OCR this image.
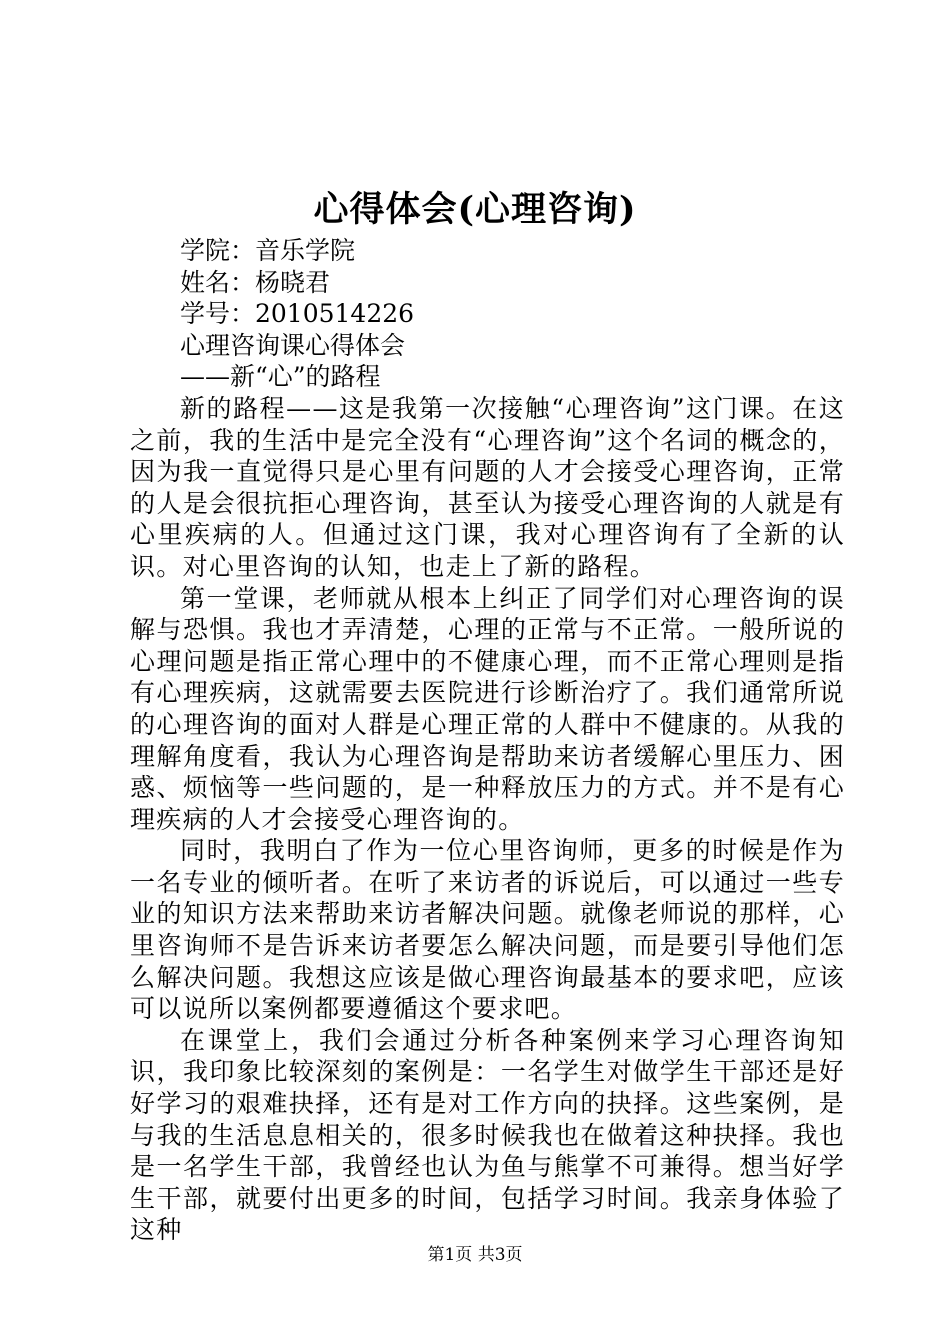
心得体会(心理咨询)

学院：音乐学院

姓名：杨晓君

学号：2010514226

心理咨询课心得体会

——新“心”的路程

新的路程——这是我第一次接触“心理咨询”这门课。在这之前，我的生活中是完全没有“心理咨询”这个名词的概念的，因为我一直觉得只是心里有问题的人才会接受心理咨询，正常的人是会很抗拒心理咨询，甚至认为接受心理咨询的人就是有心里疾病的人。但通过这门课，我对心理咨询有了全新的认识。对心里咨询的认知，也走上了新的路程。

第一堂课，老师就从根本上纠正了同学们对心理咨询的误解与恐惧。我也才弄清楚，心理的正常与不正常。一般所说的心理问题是指正常心理中的不健康心理，而不正常心理则是指有心理疾病，这就需要去医院进行诊断治疗了。我们通常所说的心理咨询的面对人群是心理正常的人群中不健康的。从我的理解角度看，我认为心理咨询是帮助来访者缓解心里压力、困惑、烦恼等一些问题的，是一种释放压力的方式。并不是有心理疾病的人才会接受心理咨询的。

同时，我明白了作为一位心里咨询师，更多的时候是作为一名专业的倾听者。在听了来访者的诉说后，可以通过一些专业的知识方法来帮助来访者解决问题。就像老师说的那样，心里咨询师不是告诉来访者要怎么解决问题，而是要引导他们怎么解决问题。我想这应该是做心理咨询最基本的要求吧，应该可以说所以案例都要遵循这个要求吧。

在课堂上，我们会通过分析各种案例来学习心理咨询知识，我印象比较深刻的案例是：一名学生对做学生干部还是好好学习的艰难抉择，还有是对工作方向的抉择。这些案例，是与我的生活息息相关的，很多时候我也在做着这种抉择。我也是一名学生干部，我曾经也认为鱼与熊掌不可兼得。想当好学生干部，就要付出更多的时间，包括学习时间。我亲身体验了这种

第1页 共3页
